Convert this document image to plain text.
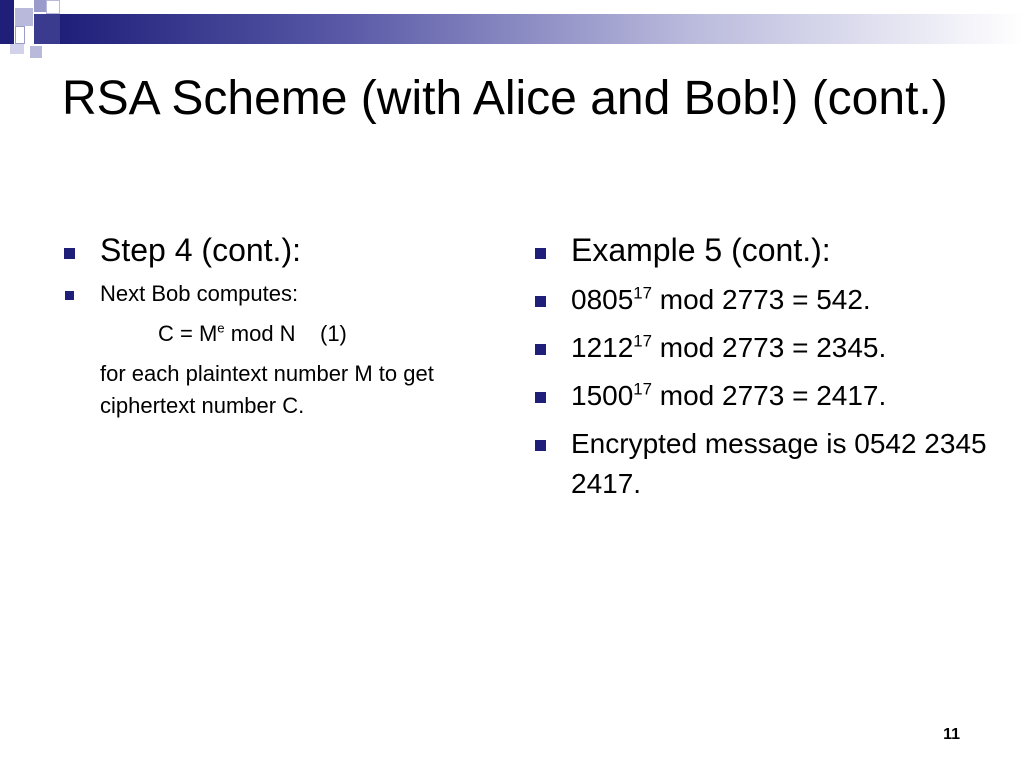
RSA Scheme (with Alice and Bob!) (cont.)
Step 4 (cont.):
Next Bob computes:
$C = M^e$ mod N    (1)
for each plaintext number M to get ciphertext number C.
Example 5 (cont.):
0805$^{17}$ mod 2773 = 542.
1212$^{17}$ mod 2773 = 2345.
1500$^{17}$ mod 2773 = 2417.
Encrypted message is 0542 2345 2417.
11
